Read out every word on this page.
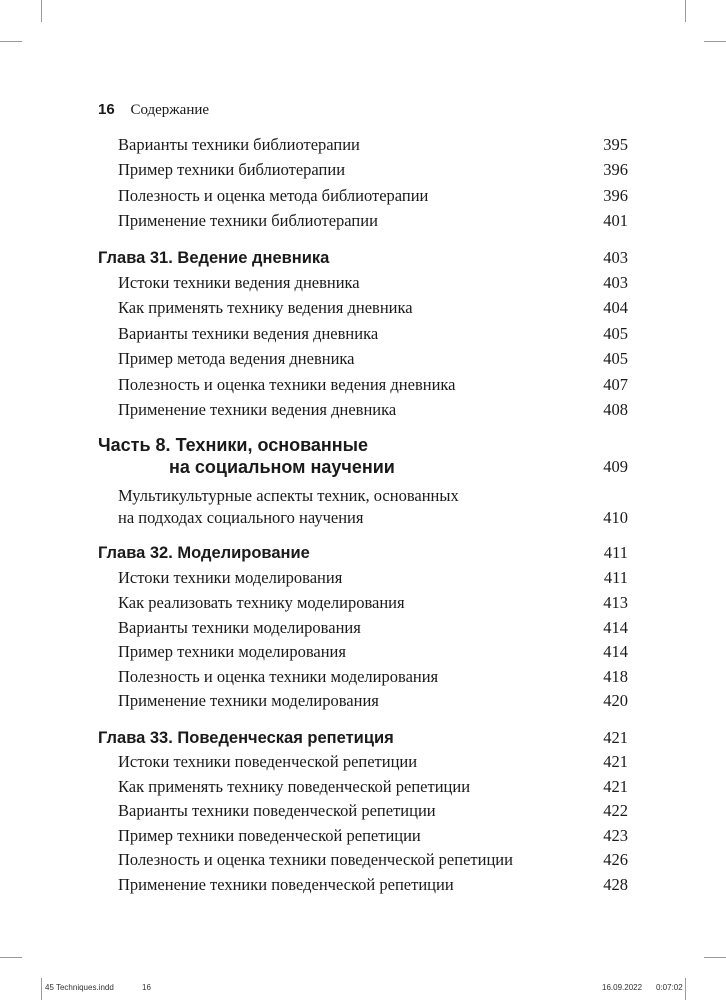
16 Содержание
Варианты техники библиотерапии	395
Пример техники библиотерапии	396
Полезность и оценка метода библиотерапии	396
Применение техники библиотерапии	401
Глава 31. Ведение дневника	403
Истоки техники ведения дневника	403
Как применять технику ведения дневника	404
Варианты техники ведения дневника	405
Пример метода ведения дневника	405
Полезность и оценка техники ведения дневника	407
Применение техники ведения дневника	408
Часть 8. Техники, основанные
на социальном научении	409
Мультикультурные аспекты техник, основанных
на подходах социального научения	410
Глава 32. Моделирование	411
Истоки техники моделирования	411
Как реализовать технику моделирования	413
Варианты техники моделирования	414
Пример техники моделирования	414
Полезность и оценка техники моделирования	418
Применение техники моделирования	420
Глава 33. Поведенческая репетиция	421
Истоки техники поведенческой репетиции	421
Как применять технику поведенческой репетиции	421
Варианты техники поведенческой репетиции	422
Пример техники поведенческой репетиции	423
Полезность и оценка техники поведенческой репетиции	426
Применение техники поведенческой репетиции	428
45 Techniques.indd	16	16.09.2022 0:07:02
